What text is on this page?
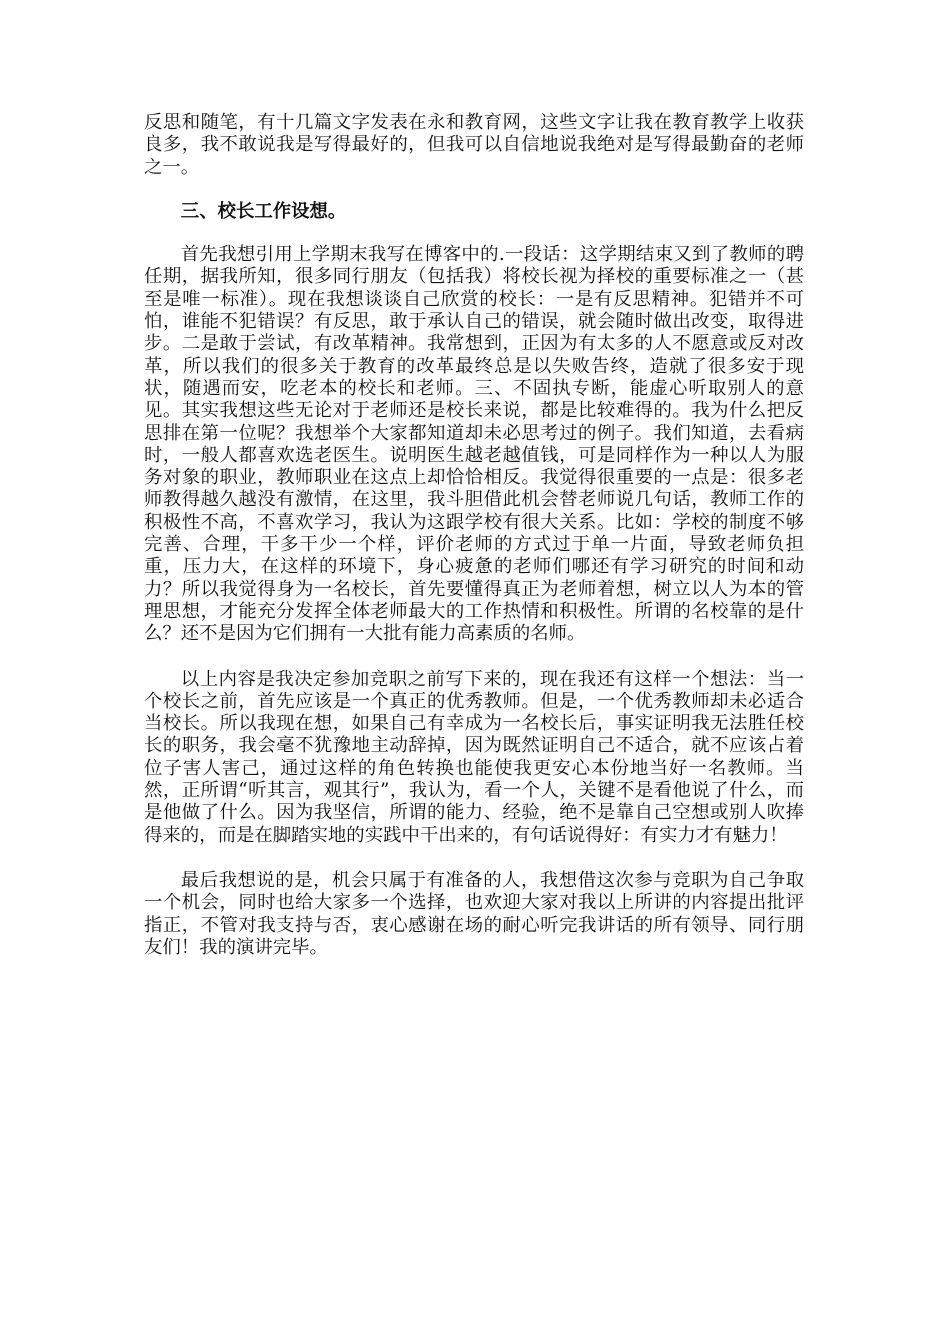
反思和随笔，有十几篇文字发表在永和教育网，这些文字让我在教育教学上收获良多，我不敢说我是写得最好的，但我可以自信地说我绝对是写得最勤奋的老师之一。

三、校长工作设想。

首先我想引用上学期末我写在博客中的.一段话：这学期结束又到了教师的聘任期，据我所知，很多同行朋友（包括我）将校长视为择校的重要标准之一（甚至是唯一标准）。现在我想谈谈自己欣赏的校长：一是有反思精神。犯错并不可怕，谁能不犯错误？有反思，敢于承认自己的错误，就会随时做出改变，取得进步。二是敢于尝试，有改革精神。我常想到，正因为有太多的人不愿意或反对改革，所以我们的很多关于教育的改革最终总是以失败告终，造就了很多安于现状，随遇而安，吃老本的校长和老师。三、不固执专断，能虚心听取别人的意见。其实我想这些无论对于老师还是校长来说，都是比较难得的。我为什么把反思排在第一位呢？我想举个大家都知道却未必思考过的例子。我们知道，去看病时，一般人都喜欢选老医生。说明医生越老越值钱，可是同样作为一种以人为服务对象的职业，教师职业在这点上却恰恰相反。我觉得很重要的一点是：很多老师教得越久越没有激情，在这里，我斗胆借此机会替老师说几句话，教师工作的积极性不高，不喜欢学习，我认为这跟学校有很大关系。比如：学校的制度不够完善、合理，干多干少一个样，评价老师的方式过于单一片面，导致老师负担重，压力大，在这样的环境下，身心疲惫的老师们哪还有学习研究的时间和动力？所以我觉得身为一名校长，首先要懂得真正为老师着想，树立以人为本的管理思想，才能充分发挥全体老师最大的工作热情和积极性。所谓的名校靠的是什么？还不是因为它们拥有一大批有能力高素质的名师。

以上内容是我决定参加竞职之前写下来的，现在我还有这样一个想法：当一个校长之前，首先应该是一个真正的优秀教师。但是，一个优秀教师却未必适合当校长。所以我现在想，如果自己有幸成为一名校长后，事实证明我无法胜任校长的职务，我会毫不犹豫地主动辞掉，因为既然证明自己不适合，就不应该占着位子害人害己，通过这样的角色转换也能使我更安心本份地当好一名教师。当然，正所谓“听其言，观其行”，我认为，看一个人，关键不是看他说了什么，而是他做了什么。因为我坚信，所谓的能力、经验，绝不是靠自己空想或别人吹捧得来的，而是在脚踏实地的实践中干出来的，有句话说得好：有实力才有魅力！

最后我想说的是，机会只属于有准备的人，我想借这次参与竞职为自己争取一个机会，同时也给大家多一个选择，也欢迎大家对我以上所讲的内容提出批评指正，不管对我支持与否，衷心感谢在场的耐心听完我讲话的所有领导、同行朋友们！我的演讲完毕。
